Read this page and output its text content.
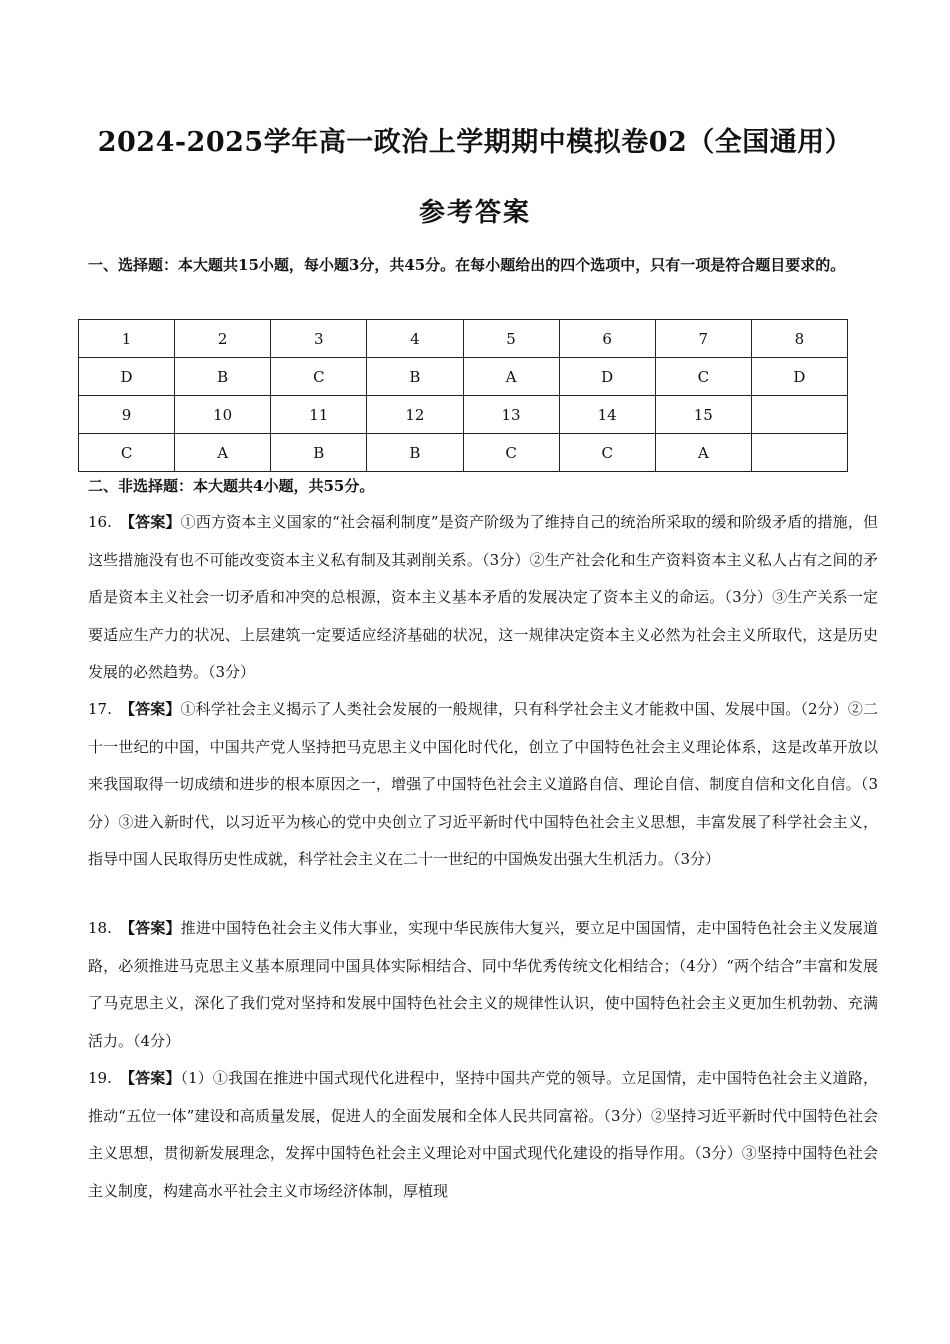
2024-2025学年高一政治上学期期中模拟卷02（全国通用）
参考答案
一、选择题：本大题共15小题，每小题3分，共45分。在每小题给出的四个选项中，只有一项是符合题目要求的。
1	2	3	4	5	6	7	8
D	B	C	B	A	D	C	D
9	10	11	12	13	14	15	
C	A	B	B	C	C	A	
二、非选择题：本大题共4小题，共55分。
16. 【答案】①西方资本主义国家的“社会福利制度”是资产阶级为了维持自己的统治所采取的缓和阶级矛盾的措施，但这些措施没有也不可能改变资本主义私有制及其剥削关系。（3分）②生产社会化和生产资料资本主义私人占有之间的矛盾是资本主义社会一切矛盾和冲突的总根源，资本主义基本矛盾的发展决定了资本主义的命运。（3分）③生产关系一定要适应生产力的状况、上层建筑一定要适应经济基础的状况，这一规律决定资本主义必然为社会主义所取代，这是历史发展的必然趋势。（3分）
17. 【答案】①科学社会主义揭示了人类社会发展的一般规律，只有科学社会主义才能救中国、发展中国。（2分）②二十一世纪的中国，中国共产党人坚持把马克思主义中国化时代化，创立了中国特色社会主义理论体系，这是改革开放以来我国取得一切成绩和进步的根本原因之一，增强了中国特色社会主义道路自信、理论自信、制度自信和文化自信。（3分）③进入新时代，以习近平为核心的党中央创立了习近平新时代中国特色社会主义思想，丰富发展了科学社会主义，指导中国人民取得历史性成就，科学社会主义在二十一世纪的中国焕发出强大生机活力。（3分）
18. 【答案】推进中国特色社会主义伟大事业，实现中华民族伟大复兴，要立足中国国情，走中国特色社会主义发展道路，必须推进马克思主义基本原理同中国具体实际相结合、同中华优秀传统文化相结合；（4分）“两个结合”丰富和发展了马克思主义，深化了我们党对坚持和发展中国特色社会主义的规律性认识，使中国特色社会主义更加生机勃勃、充满活力。（4分）
19. 【答案】（1）①我国在推进中国式现代化进程中，坚持中国共产党的领导。立足国情，走中国特色社会主义道路，推动“五位一体”建设和高质量发展，促进人的全面发展和全体人民共同富裕。（3分）②坚持习近平新时代中国特色社会主义思想，贯彻新发展理念，发挥中国特色社会主义理论对中国式现代化建设的指导作用。（3分）③坚持中国特色社会主义制度，构建高水平社会主义市场经济体制，厚植现
